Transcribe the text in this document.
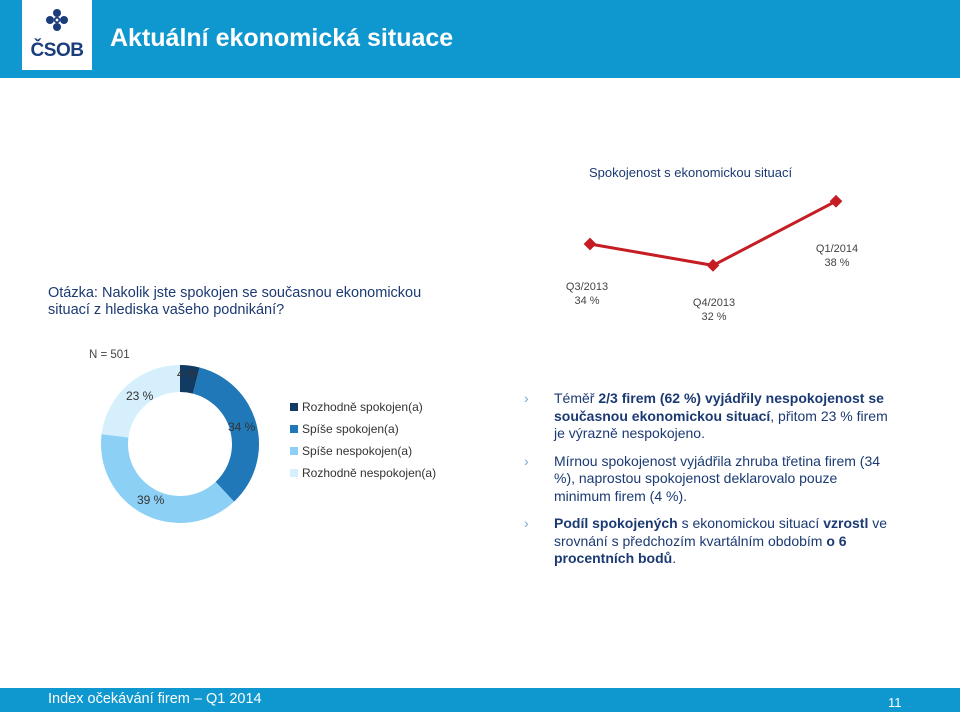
ČSOB	Aktuální ekonomická situace
Otázka: Nakolik jste spokojen se současnou ekonomickou situací z hlediska vašeho podnikání?
Spokojenost s ekonomickou situací
Q3/2013
34 %	Q4/2013
32 %
Q1/2014
38 %
N = 501
4 %
34 %
39 %
23 %
Rozhodně spokojen(a)
Spíše spokojen(a)
Spíše nespokojen(a)
Rozhodně nespokojen(a)
› Téměř 2/3 firem (62 %) vyjádřily nespokojenost se současnou ekonomickou situací, přitom 23 % firem je výrazně nespokojeno.
› Mírnou spokojenost vyjádřila zhruba třetina firem (34 %), naprostou spokojenost deklarovalo pouze minimum firem (4 %).
› Podíl spokojených s ekonomickou situací vzrostl ve srovnání s předchozím kvartálním obdobím o 6 procentních bodů.
Index očekávání firem – Q1 2014	11
